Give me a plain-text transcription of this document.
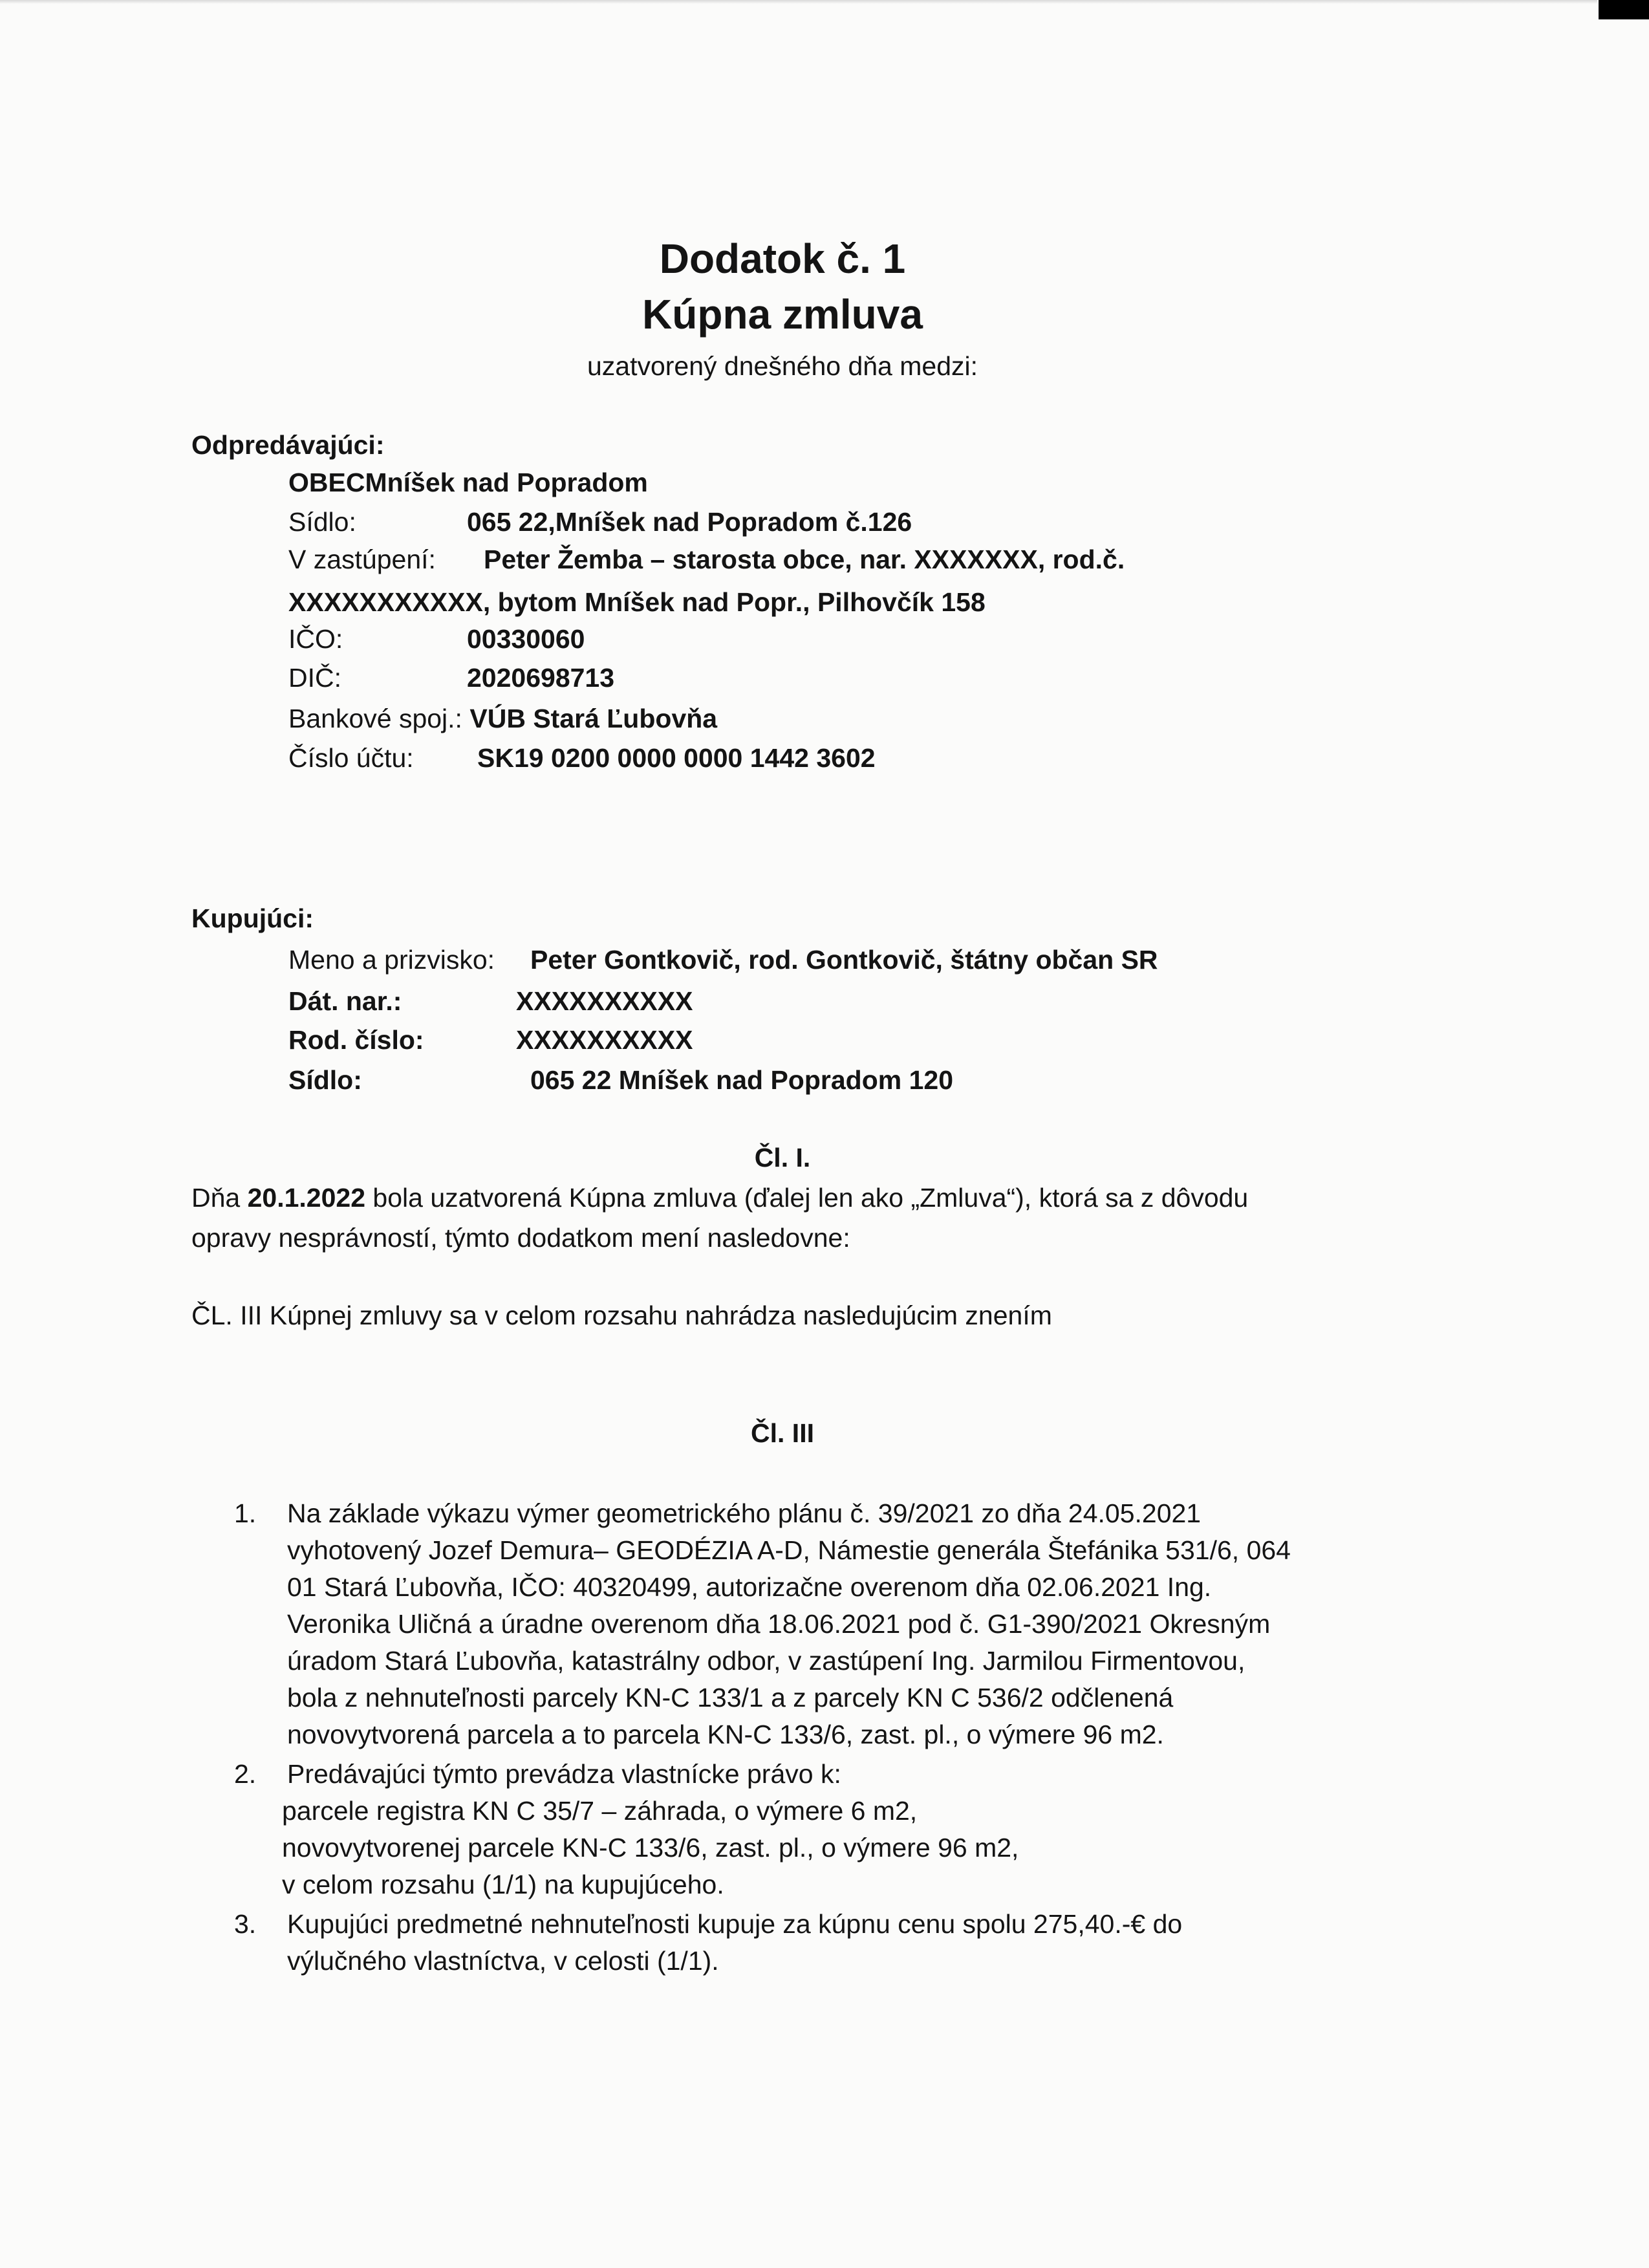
Dodatok č. 1
Kúpna zmluva
uzatvorený dnešného dňa medzi:
Odpredávajúci:
OBECMníšek nad Popradom
Sídlo:	065 22,Mníšek nad Popradom č.126
V zastúpení: Peter Žemba – starosta obce, nar. XXXXXXX, rod.č.
XXXXXXXXXXX, bytom Mníšek nad Popr., Pilhovčík 158
IČO:	00330060
DIČ:	2020698713
Bankové spoj.: VÚB Stará Ľubovňa
Číslo účtu: SK19 0200 0000 0000 1442 3602
Kupujúci:
Meno a prizvisko: Peter Gontkovič, rod. Gontkovič, štátny občan SR
Dát. nar.:	XXXXXXXXXX
Rod. číslo:	XXXXXXXXXX
Sídlo:	065 22 Mníšek nad Popradom 120
Čl. I.
Dňa 20.1.2022 bola uzatvorená Kúpna zmluva (ďalej len ako „Zmluva“), ktorá sa z dôvodu
opravy nesprávností, týmto dodatkom mení nasledovne:
ČL. III Kúpnej zmluvy sa v celom rozsahu nahrádza nasledujúcim znením
Čl. III
1. Na základe výkazu výmer geometrického plánu č. 39/2021 zo dňa 24.05.2021
vyhotovený Jozef Demura– GEODÉZIA A-D, Námestie generála Štefánika 531/6, 064
01 Stará Ľubovňa, IČO: 40320499, autorizačne overenom dňa 02.06.2021 Ing.
Veronika Uličná a úradne overenom dňa 18.06.2021 pod č. G1-390/2021 Okresným
úradom Stará Ľubovňa, katastrálny odbor, v zastúpení Ing. Jarmilou Firmentovou,
bola z nehnuteľnosti parcely KN-C 133/1 a z parcely KN C 536/2 odčlenená
novovytvorená parcela a to parcela KN-C 133/6, zast. pl., o výmere 96 m2.
2. Predávajúci týmto prevádza vlastnícke právo k:
parcele registra KN C 35/7 – záhrada, o výmere 6 m2,
novovytvorenej parcele KN-C 133/6, zast. pl., o výmere 96 m2,
v celom rozsahu (1/1) na kupujúceho.
3. Kupujúci predmetné nehnuteľnosti kupuje za kúpnu cenu spolu 275,40.-€ do
výlučného vlastníctva, v celosti (1/1).
